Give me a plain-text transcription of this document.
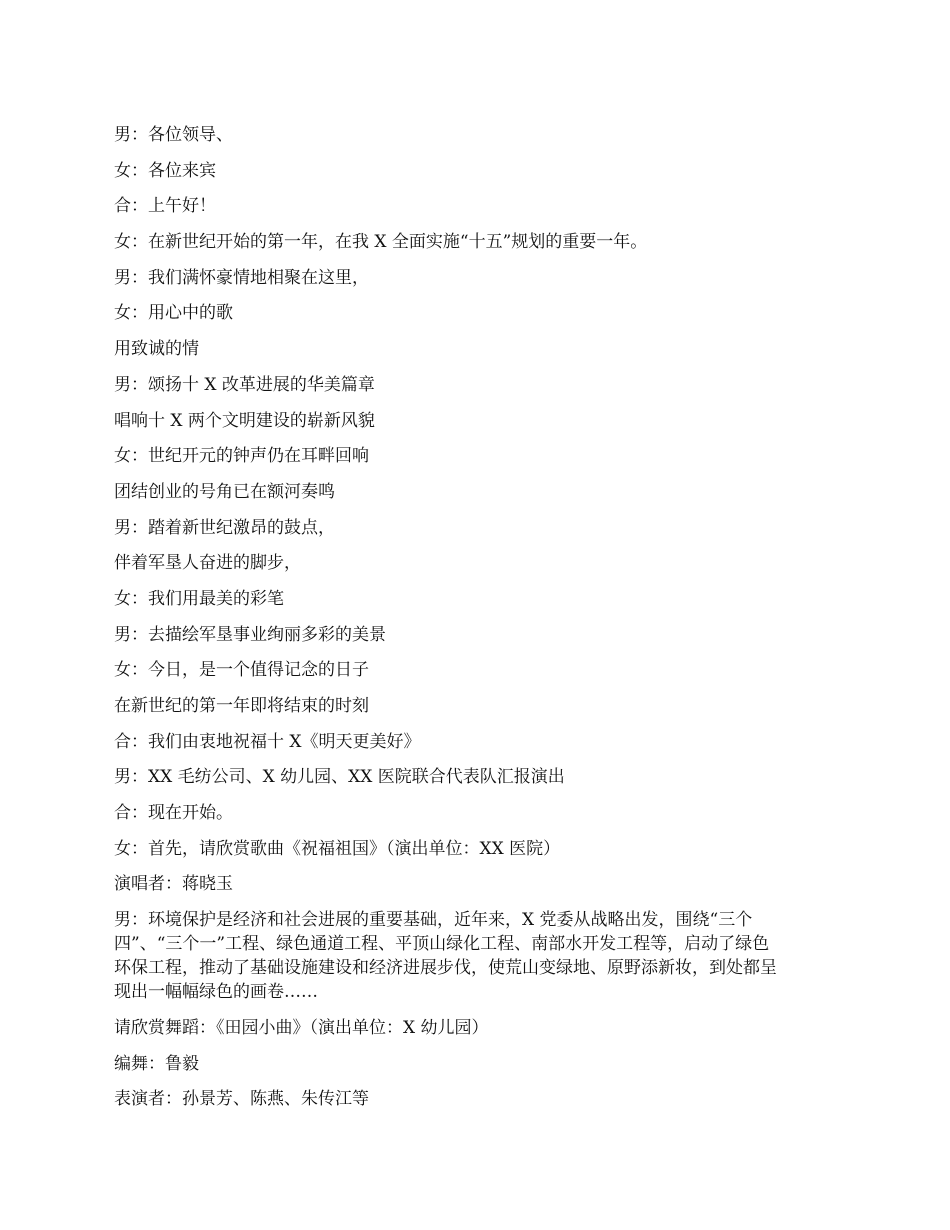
男：各位领导、

女：各位来宾

合：上午好！

女：在新世纪开始的第一年，在我 X 全面实施“十五”规划的重要一年。

男：我们满怀豪情地相聚在这里，

女：用心中的歌

用致诚的情

男：颂扬十 X 改革进展的华美篇章

唱响十 X 两个文明建设的崭新风貌

女：世纪开元的钟声仍在耳畔回响

团结创业的号角已在额河奏鸣

男：踏着新世纪激昂的鼓点，

伴着军垦人奋进的脚步，

女：我们用最美的彩笔

男：去描绘军垦事业绚丽多彩的美景

女：今日，是一个值得记念的日子

在新世纪的第一年即将结束的时刻

合：我们由衷地祝福十 X《明天更美好》

男：XX 毛纺公司、X 幼儿园、XX 医院联合代表队汇报演出

合：现在开始。

女：首先，请欣赏歌曲《祝福祖国》（演出单位：XX 医院）

演唱者：蒋晓玉

男：环境保护是经济和社会进展的重要基础，近年来，X 党委从战略出发，围绕“三个
四”、“三个一”工程、绿色通道工程、平顶山绿化工程、南部水开发工程等，启动了绿色
环保工程，推动了基础设施建设和经济进展步伐，使荒山变绿地、原野添新妆，到处都呈
现出一幅幅绿色的画卷……

请欣赏舞蹈：《田园小曲》（演出单位：X 幼儿园）

编舞：鲁毅

表演者：孙景芳、陈燕、朱传江等
